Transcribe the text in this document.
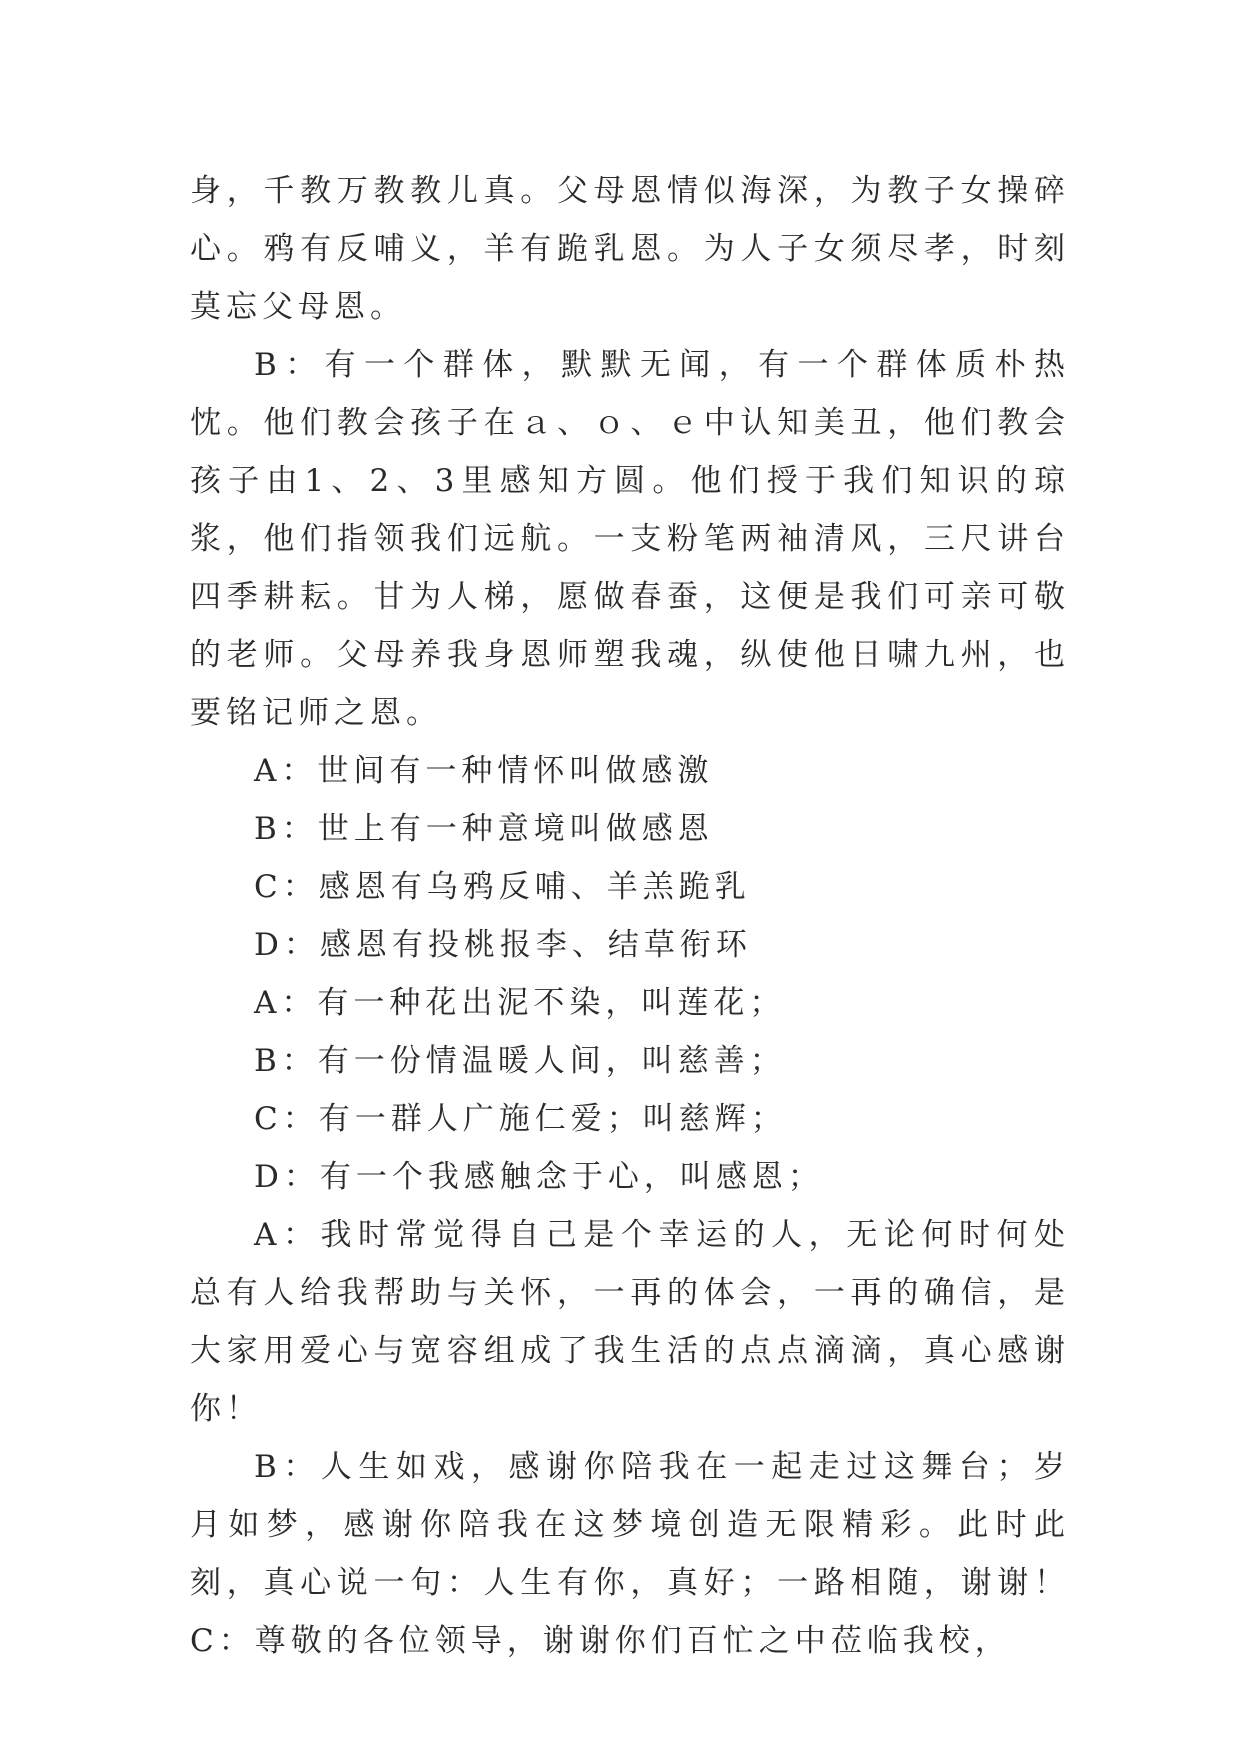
身，千教万教教儿真。父母恩情似海深，为教子女操碎心。鸦有反哺义，羊有跪乳恩。为人子女须尽孝，时刻莫忘父母恩。

B：有一个群体，默默无闻，有一个群体质朴热忱。他们教会孩子在ａ、ｏ、ｅ中认知美丑，他们教会孩子由1、2、3里感知方圆。他们授于我们知识的琼浆，他们指领我们远航。一支粉笔两袖清风，三尺讲台四季耕耘。甘为人梯，愿做春蚕，这便是我们可亲可敬的老师。父母养我身恩师塑我魂，纵使他日啸九州，也要铭记师之恩。

A：世间有一种情怀叫做感激

B：世上有一种意境叫做感恩

C：感恩有乌鸦反哺、羊羔跪乳

D：感恩有投桃报李、结草衔环

A：有一种花出泥不染，叫莲花；

B：有一份情温暖人间，叫慈善；

C：有一群人广施仁爱；叫慈辉；

D：有一个我感触念于心，叫感恩；

A：我时常觉得自己是个幸运的人，无论何时何处总有人给我帮助与关怀，一再的体会，一再的确信，是大家用爱心与宽容组成了我生活的点点滴滴，真心感谢你！

B：人生如戏，感谢你陪我在一起走过这舞台；岁月如梦，感谢你陪我在这梦境创造无限精彩。此时此刻，真心说一句：人生有你，真好；一路相随，谢谢！ C：尊敬的各位领导，谢谢你们百忙之中莅临我校，
